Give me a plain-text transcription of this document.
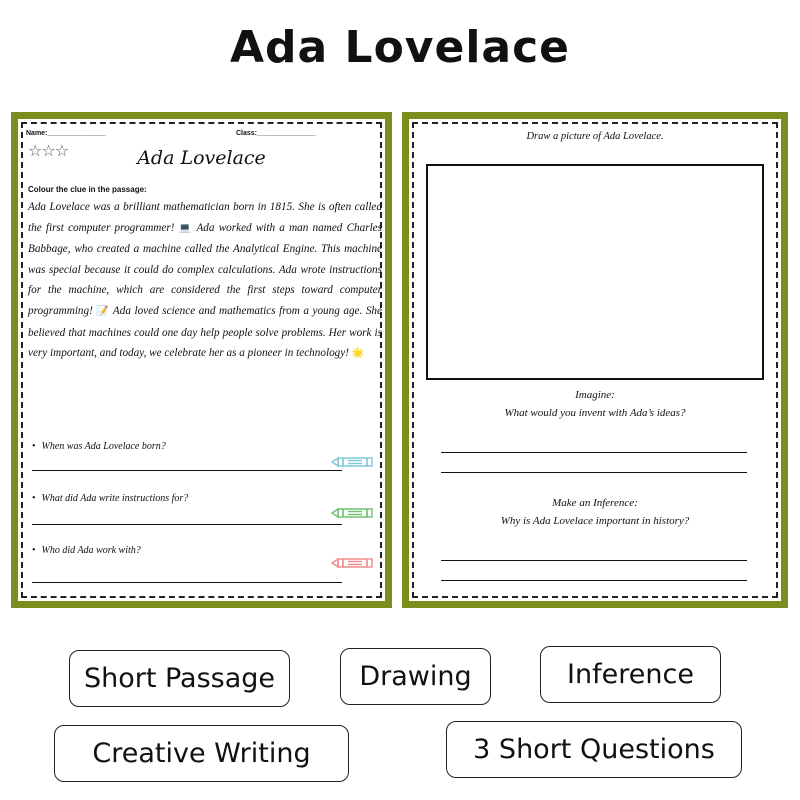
Ada Lovelace
Name:_______________	Class:_______________
☆☆☆	Ada Lovelace
Colour the clue in the passage:
Ada Lovelace was a brilliant mathematician born in 1815. She is often called the first computer programmer! 💻 Ada worked with a man named Charles Babbage, who created a machine called the Analytical Engine. This machine was special because it could do complex calculations. Ada wrote instructions for the machine, which are considered the first steps toward computer programming! 📝 Ada loved science and mathematics from a young age. She believed that machines could one day help people solve problems. Her work is very important, and today, we celebrate her as a pioneer in technology! 🌟
• When was Ada Lovelace born?
• What did Ada write instructions for?
• Who did Ada work with?
Draw a picture of Ada Lovelace.
Imagine:
What would you invent with Ada’s ideas?
Make an Inference:
Why is Ada Lovelace important in history?
Short Passage	Drawing	Inference
Creative Writing	3 Short Questions
